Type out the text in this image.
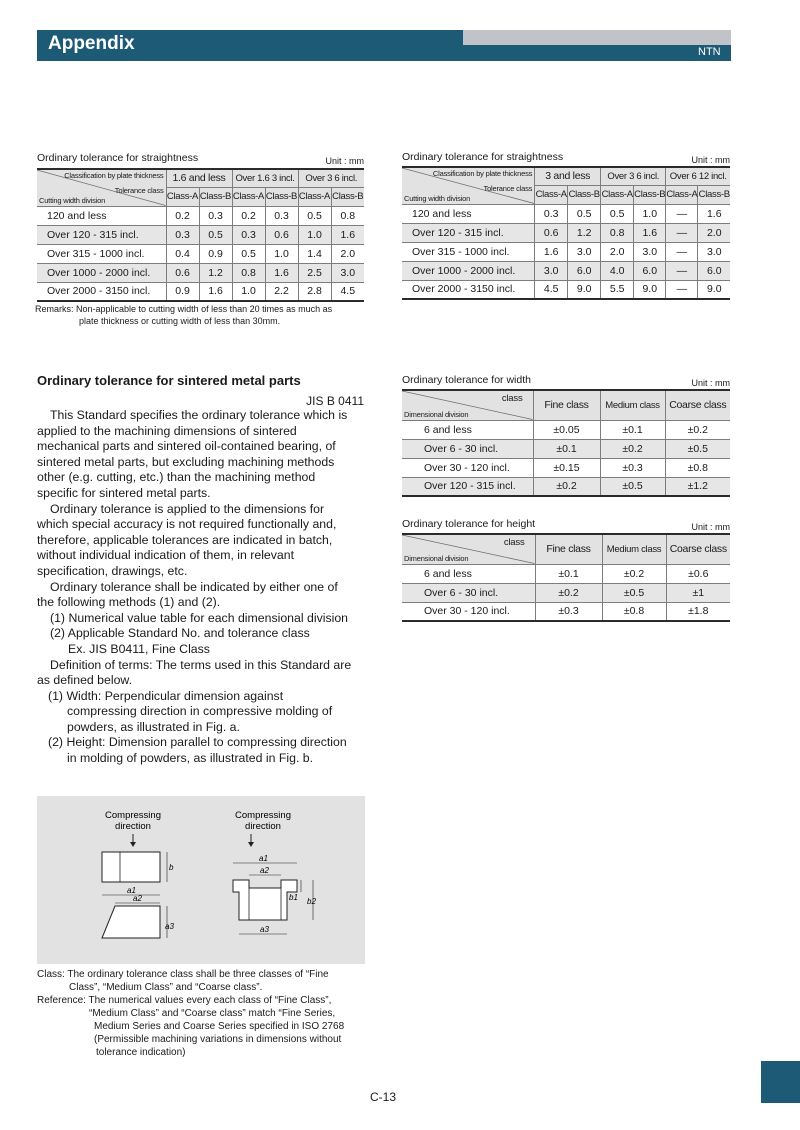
Appendix	NTN
Ordinary tolerance for straightness	Unit : mm
Classification by plate thickness
Tolerance class
Cutting width division	1.6 and less		Over 1.6 3 incl.		Over 3 6 incl.	
	Class-A	Class-B	Class-A	Class-B	Class-A	Class-B
120 and less	0.2	0.3	0.2	0.3	0.5	0.8
Over 120 - 315 incl.	0.3	0.5	0.3	0.6	1.0	1.6
Over 315 - 1000 incl.	0.4	0.9	0.5	1.0	1.4	2.0
Over 1000 - 2000 incl.	0.6	1.2	0.8	1.6	2.5	3.0
Over 2000 - 3150 incl.	0.9	1.6	1.0	2.2	2.8	4.5
Remarks: Non-applicable to cutting width of less than 20 times as much as
plate thickness or cutting width of less than 30mm.
Ordinary tolerance for straightness	Unit : mm
Classification by plate thickness
Tolerance class
Cutting width division	3 and less		Over 3 6 incl.		Over 6 12 incl.	
	Class-A	Class-B	Class-A	Class-B	Class-A	Class-B
120 and less	0.3	0.5	0.5	1.0	—	1.6
Over 120 - 315 incl.	0.6	1.2	0.8	1.6	—	2.0
Over 315 - 1000 incl.	1.6	3.0	2.0	3.0	—	3.0
Over 1000 - 2000 incl.	3.0	6.0	4.0	6.0	—	6.0
Over 2000 - 3150 incl.	4.5	9.0	5.5	9.0	—	9.0
Ordinary tolerance for sintered metal parts
JIS B 0411

This Standard specifies the ordinary tolerance which is

applied to the machining dimensions of sintered

mechanical parts and sintered oil-contained bearing, of

sintered metal parts, but excluding machining methods

other (e.g. cutting, etc.) than the machining method

specific for sintered metal parts.

Ordinary tolerance is applied to the dimensions for

which special accuracy is not required functionally and,

therefore, applicable tolerances are indicated in batch,

without individual indication of them, in relevant

specification, drawings, etc.

Ordinary tolerance shall be indicated by either one of

the following methods (1) and (2).

(1) Numerical value table for each dimensional division

(2) Applicable Standard No. and tolerance class

Ex. JIS B0411, Fine Class

Definition of terms: The terms used in this Standard are

as defined below.

(1) Width: Perpendicular dimension against

compressing direction in compressive molding of

powders, as illustrated in Fig. a.

(2) Height: Dimension parallel to compressing direction

in molding of powders, as illustrated in Fig. b.

Ordinary tolerance for width	Unit : mm
class
Dimensional division	Fine class	Medium class	Coarse class
6 and less	±0.05	±0.1	±0.2
Over 6 - 30 incl.	±0.1	±0.2	±0.5
Over 30 - 120 incl.	±0.15	±0.3	±0.8
Over 120 - 315 incl.	±0.2	±0.5	±1.2
Ordinary tolerance for height	Unit : mm
class
Dimensional division	Fine class	Medium class	Coarse class
6 and less	±0.1	±0.2	±0.6
Over 6 - 30 incl.	±0.2	±0.5	±1
Over 30 - 120 incl.	±0.3	±0.8	±1.8
Compressing
direction
b
a1
a2
a3
Compressing
direction
a1
a2
b1 b2
a3
Class: The ordinary tolerance class shall be three classes of “Fine
Class”, “Medium Class” and “Coarse class”.
Reference: The numerical values every each class of “Fine Class”,
“Medium Class” and “Coarse class” match “Fine Series,
Medium Series and Coarse Series specified in ISO 2768
(Permissible machining variations in dimensions without
tolerance indication)
C-13
